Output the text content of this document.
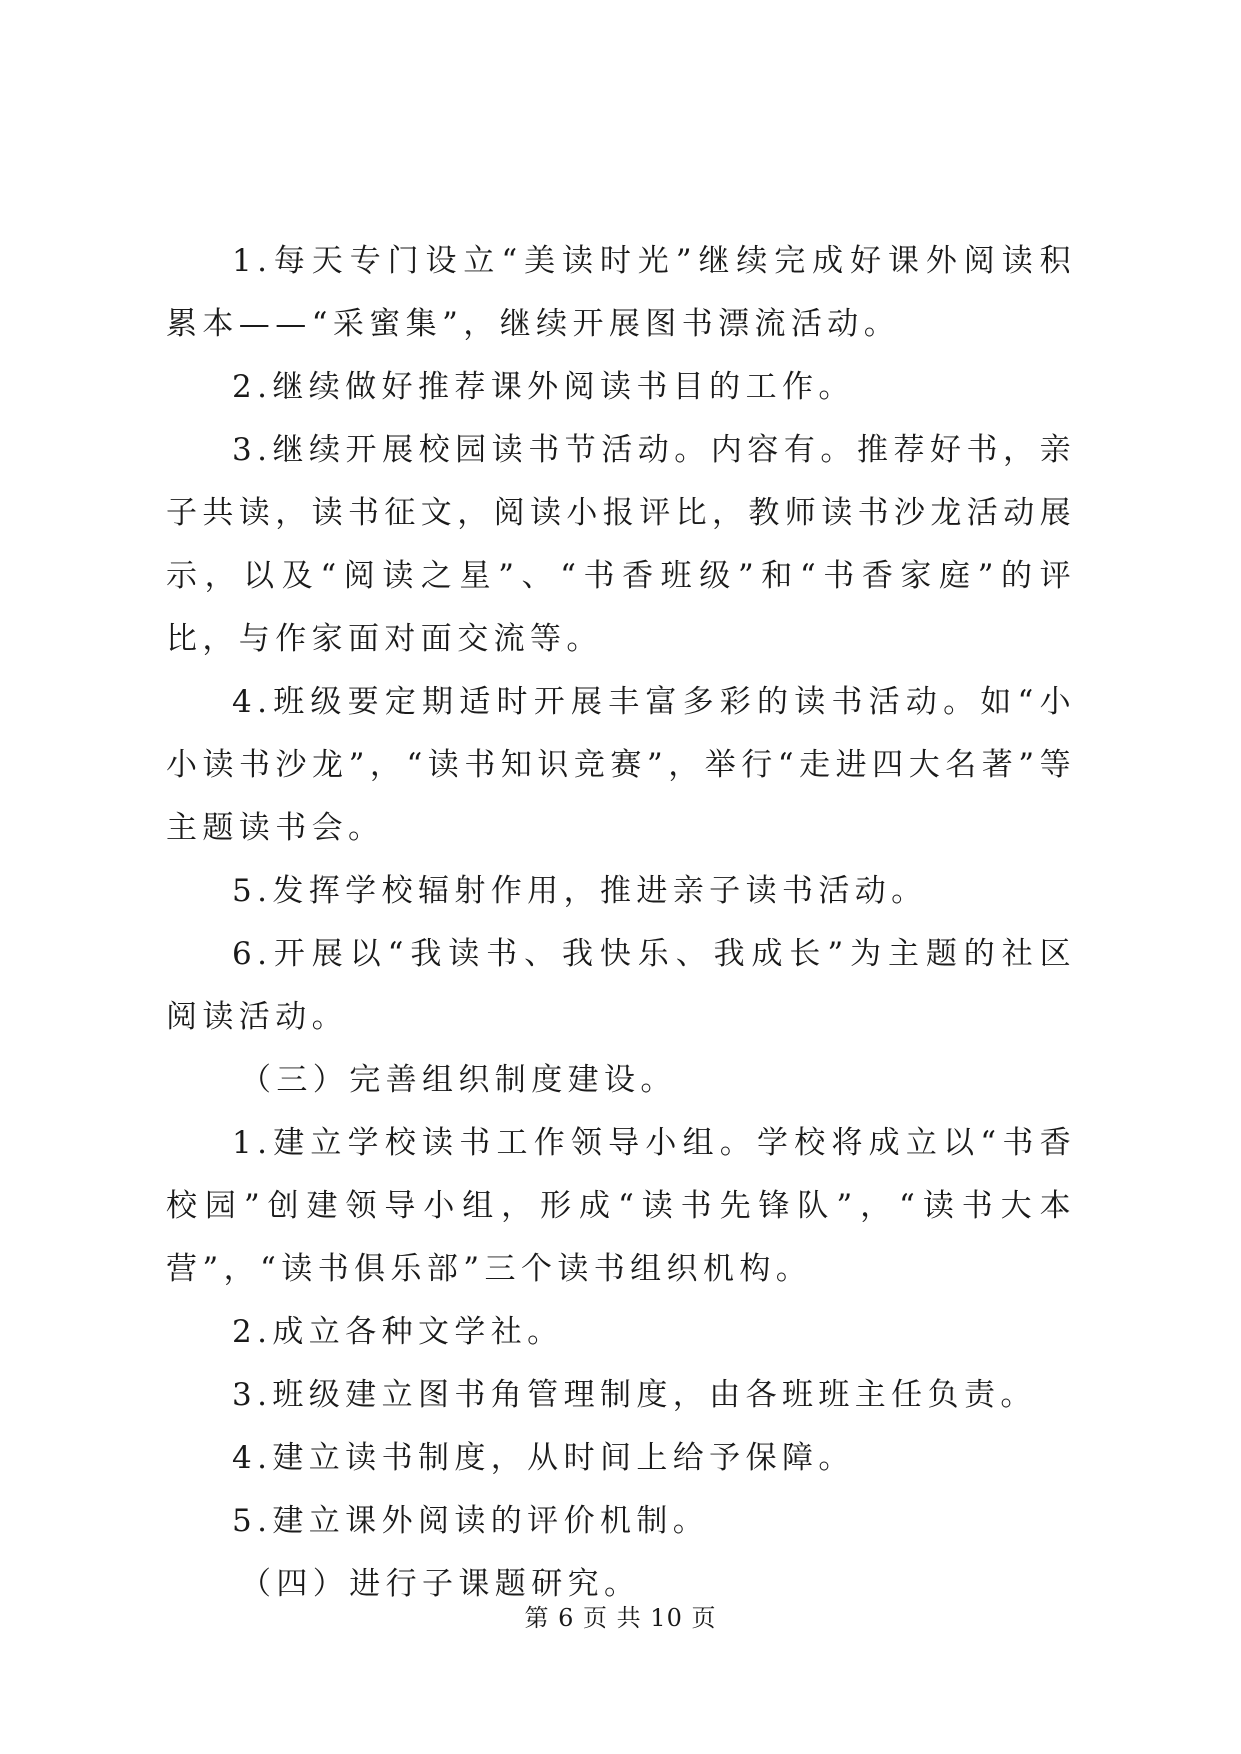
1.每天专门设立“美读时光”继续完成好课外阅读积累本——“采蜜集”，继续开展图书漂流活动。

2.继续做好推荐课外阅读书目的工作。

3.继续开展校园读书节活动。内容有。推荐好书，亲子共读，读书征文，阅读小报评比，教师读书沙龙活动展示，以及“阅读之星”、“书香班级”和“书香家庭”的评比，与作家面对面交流等。

4.班级要定期适时开展丰富多彩的读书活动。如“小小读书沙龙”，“读书知识竞赛”，举行“走进四大名著”等主题读书会。

5.发挥学校辐射作用，推进亲子读书活动。

6.开展以“我读书、我快乐、我成长”为主题的社区阅读活动。

（三）完善组织制度建设。

1.建立学校读书工作领导小组。学校将成立以“书香校园”创建领导小组，形成“读书先锋队”，“读书大本营”，“读书俱乐部”三个读书组织机构。

2.成立各种文学社。

3.班级建立图书角管理制度，由各班班主任负责。

4.建立读书制度，从时间上给予保障。

5.建立课外阅读的评价机制。

（四）进行子课题研究。

第 6 页 共 10 页
